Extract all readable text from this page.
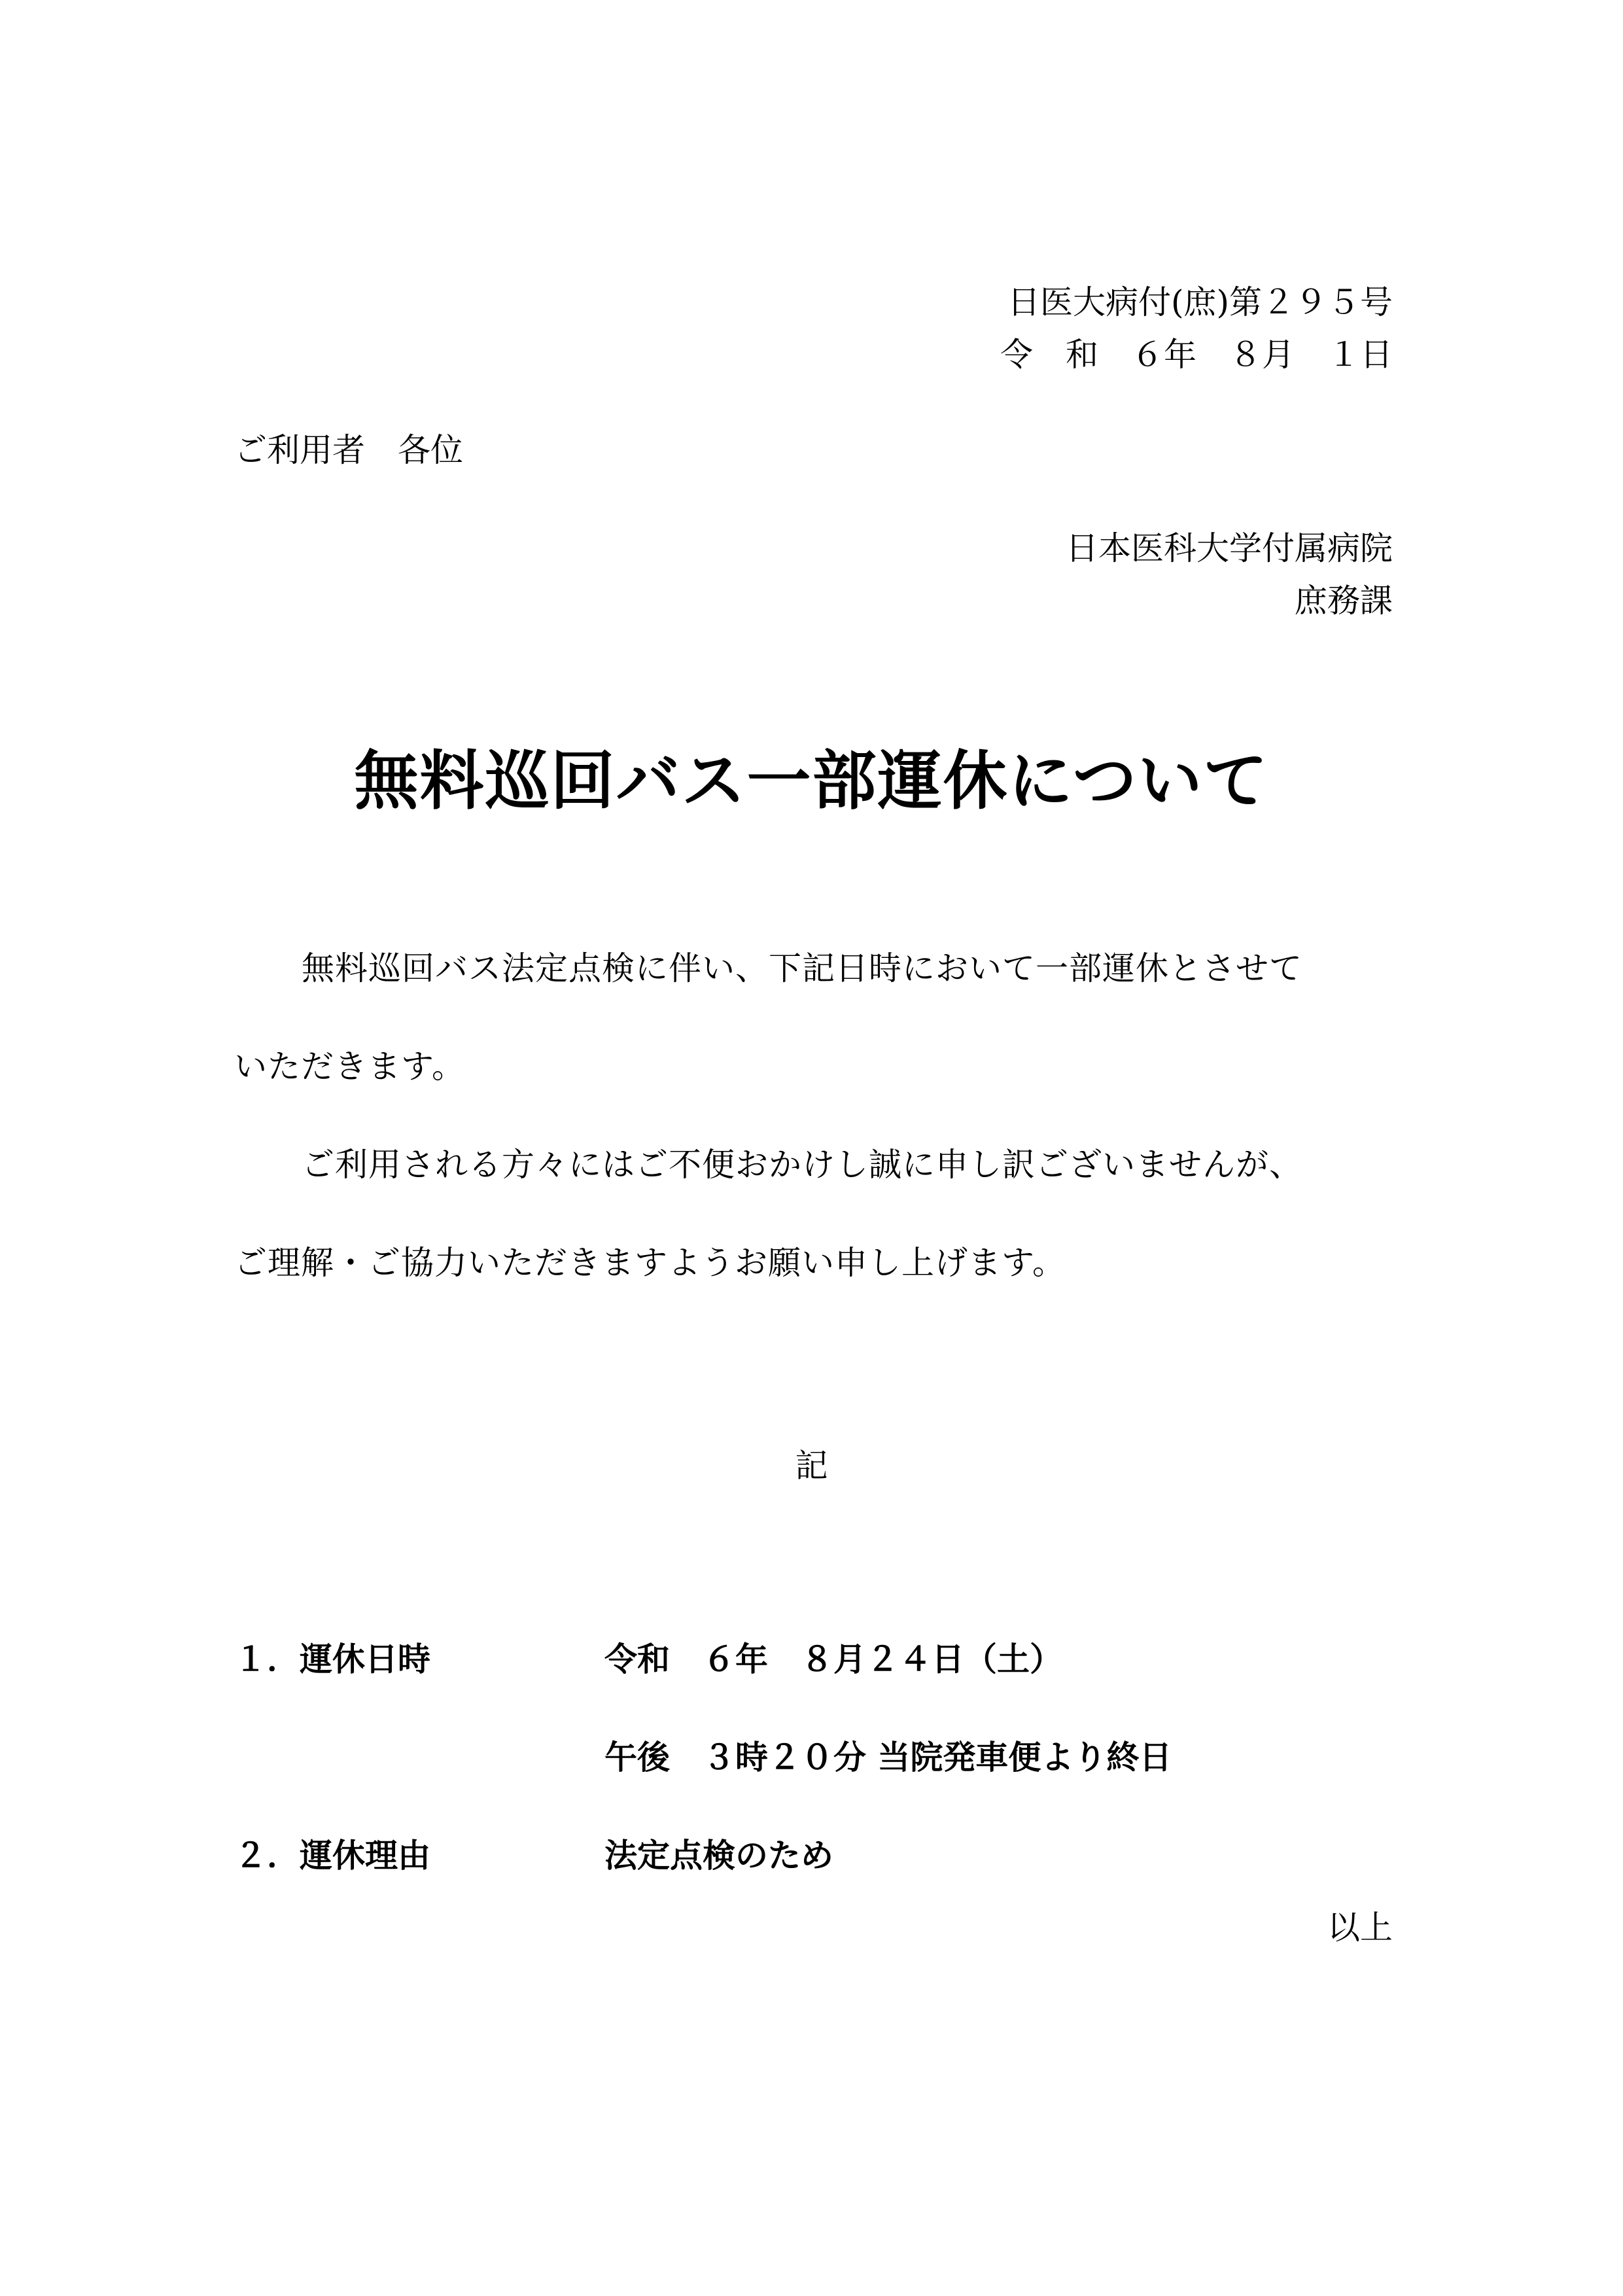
日医大病付(庶)第２９５号
令　和　６年　８月　１日
ご利用者　各位
日本医科大学付属病院
庶務課
無料巡回バス一部運休について
　無料巡回バス法定点検に伴い、下記日時において一部運休とさせて
いただきます。
　ご利用される方々にはご不便おかけし誠に申し訳ございませんが、
ご理解・ご協力いただきますようお願い申し上げます。
記
１．運休日時	令和　６年　８月２４日（土）
午後　３時２０分 当院発車便より終日
２．運休理由	法定点検のため
以上
